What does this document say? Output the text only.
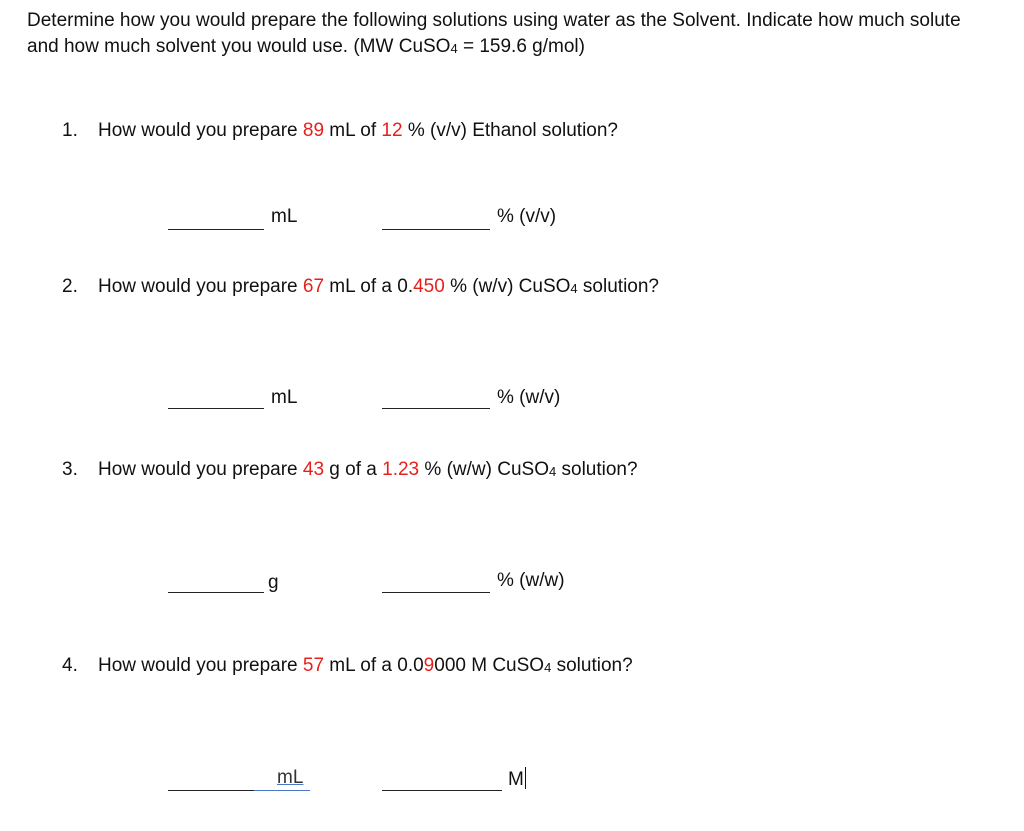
Determine how you would prepare the following solutions using water as the Solvent. Indicate how much solute and how much solvent you would use. (MW CuSO$_4$ = 159.6 g/mol)
1. How would you prepare 89 mL of 12 % (v/v) Ethanol solution?
mL	% (v/v)
2. How would you prepare 67 mL of a 0.450 % (w/v) CuSO$_4$ solution?
mL	% (w/v)
3. How would you prepare 43 g of a 1.23 % (w/w) CuSO$_4$ solution?
g	% (w/w)
4. How would you prepare 57 mL of a 0.09000 M CuSO$_4$ solution?
mL	M
